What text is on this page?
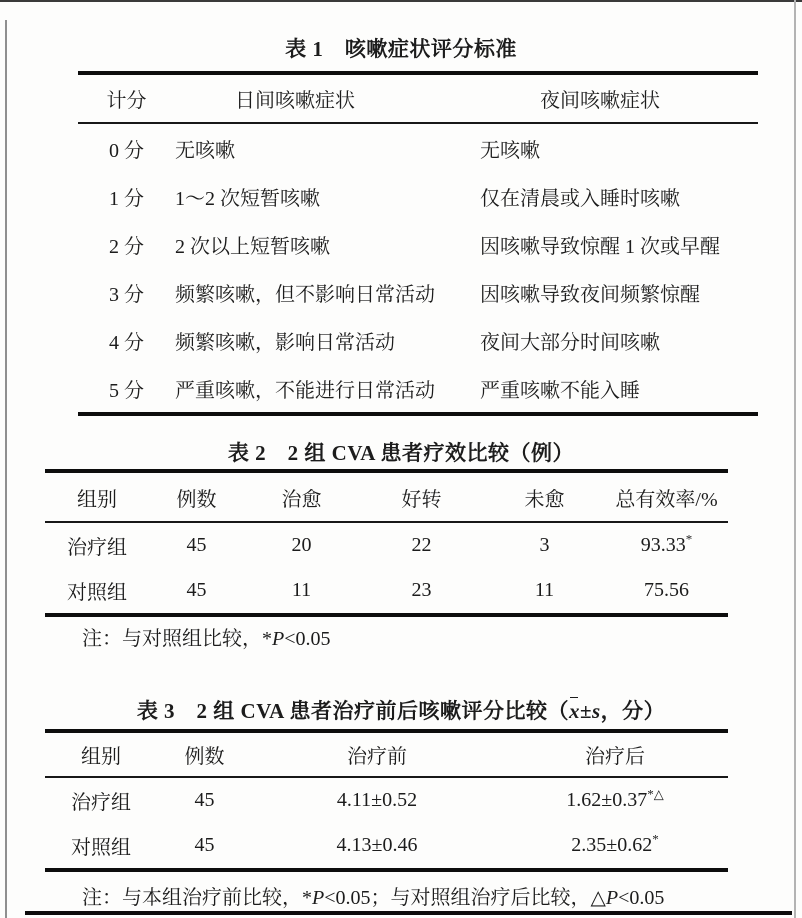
表 1　咳嗽症状评分标准
计分	日间咳嗽症状	夜间咳嗽症状
0 分	无咳嗽	无咳嗽
1 分	1～2 次短暂咳嗽	仅在清晨或入睡时咳嗽
2 分	2 次以上短暂咳嗽	因咳嗽导致惊醒 1 次或早醒
3 分	频繁咳嗽，但不影响日常活动	因咳嗽导致夜间频繁惊醒
4 分	频繁咳嗽，影响日常活动	夜间大部分时间咳嗽
5 分	严重咳嗽，不能进行日常活动	严重咳嗽不能入睡
表 2　2 组 CVA 患者疗效比较（例）
组别	例数	治愈	好转	未愈	总有效率/%
治疗组	45	20	22	3	93.33*
对照组	45	11	23	11	75.56
注：与对照组比较，*P<0.05
表 3　2 组 CVA 患者治疗前后咳嗽评分比较（x±s，分）
组别	例数	治疗前	治疗后
治疗组	45	4.11±0.52	1.62±0.37*△
对照组	45	4.13±0.46	2.35±0.62*
注：与本组治疗前比较，*P<0.05；与对照组治疗后比较，△P<0.05
